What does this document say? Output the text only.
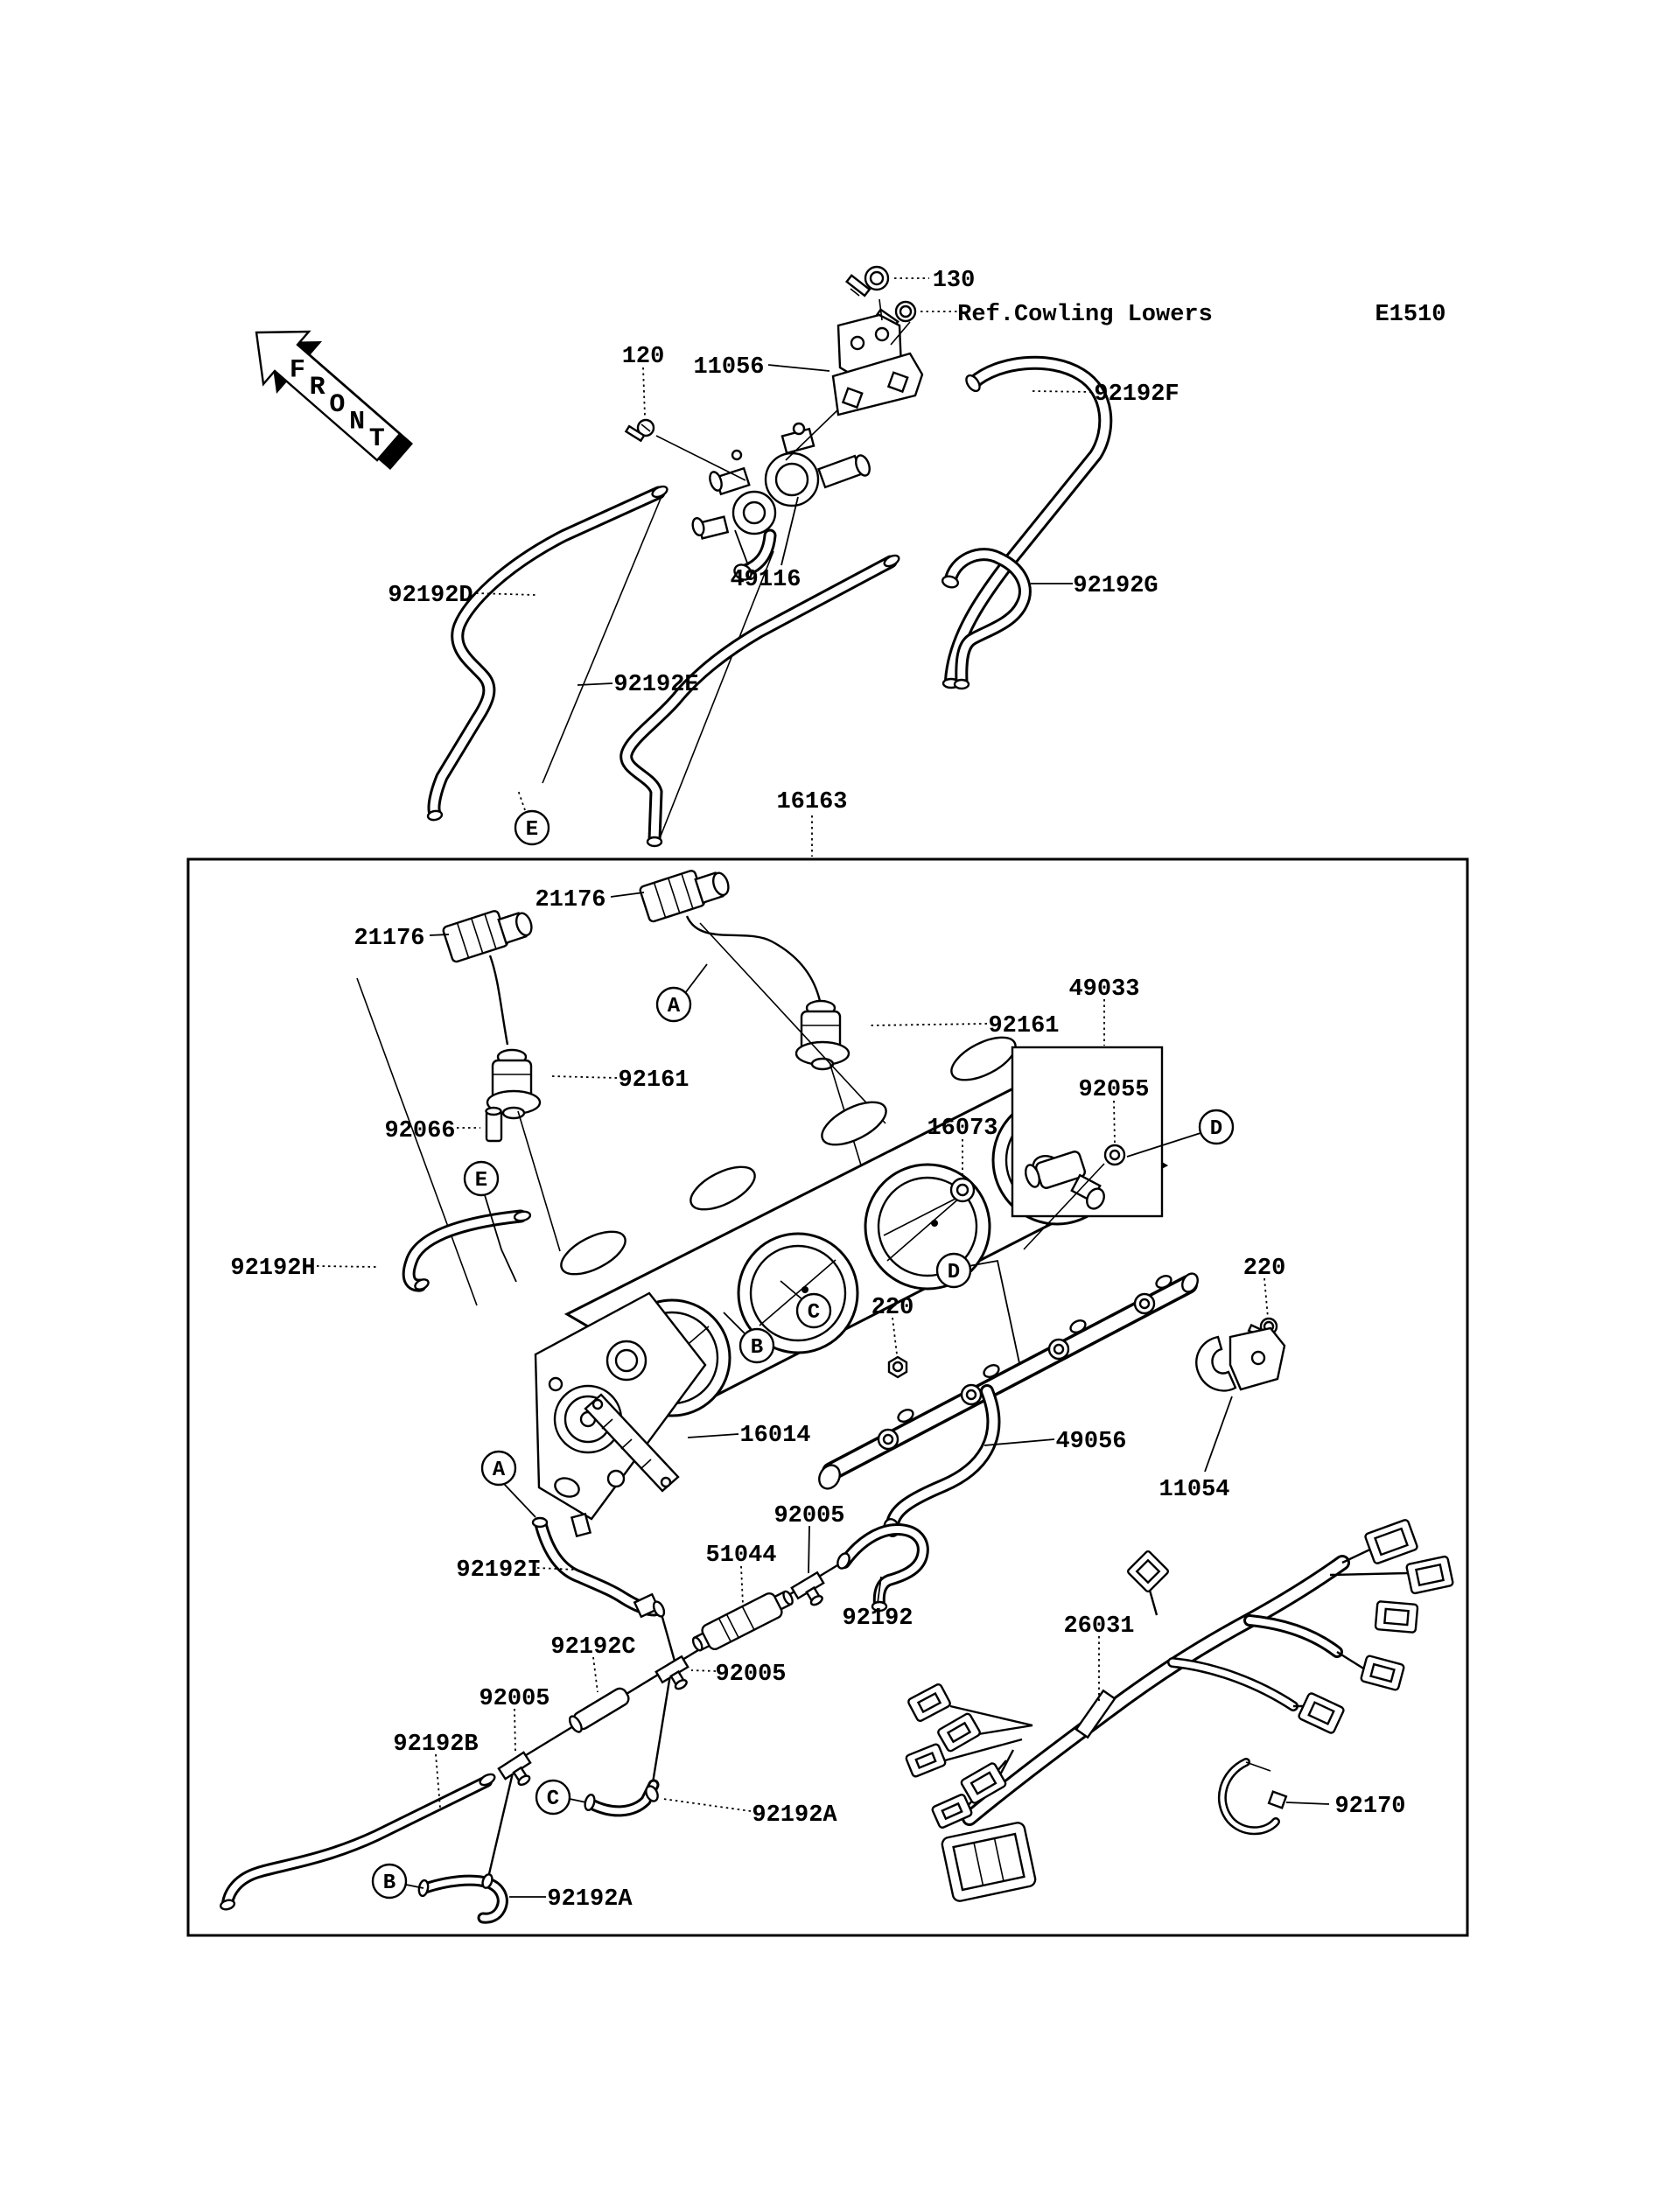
130
Ref.Cowling Lowers
120 11056
92192F
49116
92192D	92192G
92192E
16163
21176
21176
49033
92161
92161	92055
16073
92066
92192H
220
220
16014	49056
11054
92005
51044
92192I
92192	26031
92192C
92005
92005
92192B
92170
92192A
92192A
E
A
E
D
D
C
B
A
C
B
F
R
O
N
T
E1510
